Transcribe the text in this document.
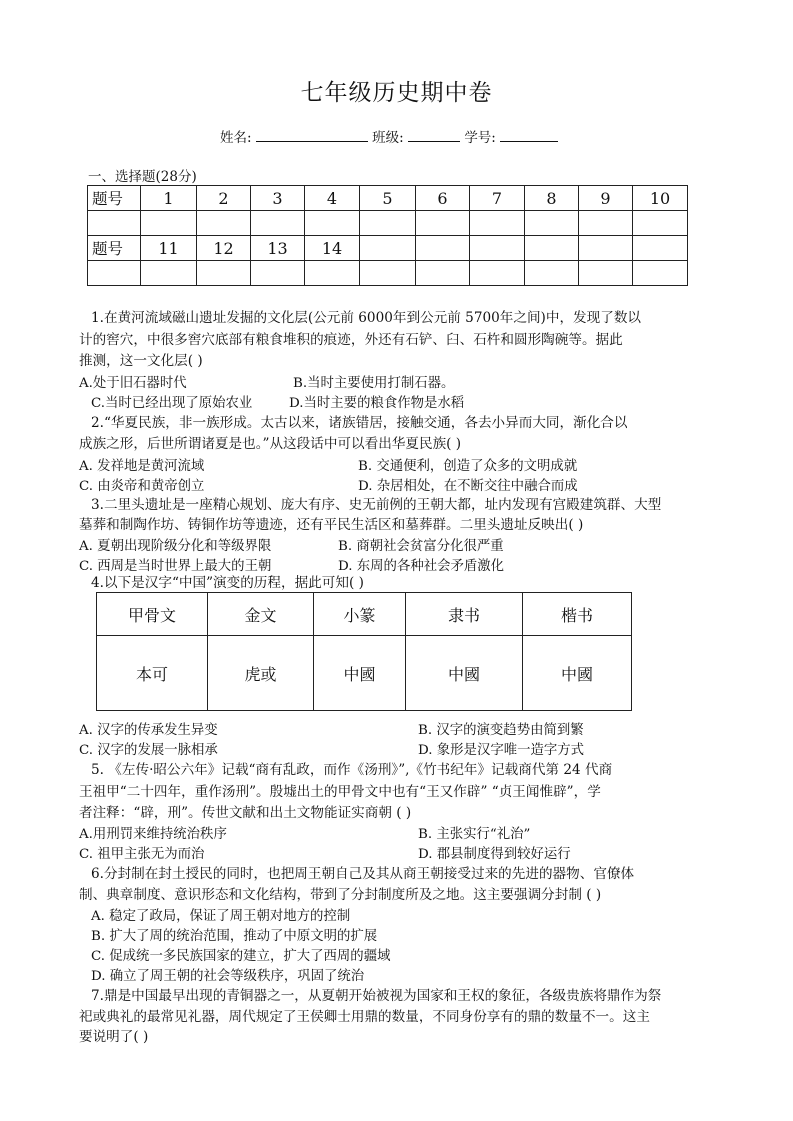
七年级历史期中卷
姓名:	班级:	学号:
一、选择题(28分)
题号	1	2	3	4	5	6	7	8	9	10

题号	11	12	13	14						

1.在黄河流域磁山遗址发掘的文化层(公元前 6000年到公元前 5700年之间)中，发现了数以
计的窖穴，中很多窖穴底部有粮食堆积的痕迹，外还有石铲、臼、石杵和圆形陶碗等。据此
推测，这一文化层( )
A.处于旧石器时代	B.当时主要使用打制石器。
C.当时已经出现了原始农业	D.当时主要的粮食作物是水稻
2.“华夏民族，非一族形成。太古以来，诸族错居，接触交通，各去小异而大同，渐化合以
成族之形，后世所谓诸夏是也。”从这段话中可以看出华夏民族( )
A. 发祥地是黄河流域	B. 交通便利，创造了众多的文明成就
C. 由炎帝和黄帝创立	D. 杂居相处，在不断交往中融合而成
3.二里头遗址是一座精心规划、庞大有序、史无前例的王朝大都，址内发现有宫殿建筑群、大型
墓葬和制陶作坊、铸铜作坊等遗迹，还有平民生活区和墓葬群。二里头遗址反映出( )
A. 夏朝出现阶级分化和等级界限	B. 商朝社会贫富分化很严重
C. 西周是当时世界上最大的王朝	D. 东周的各种社会矛盾激化
4.以下是汉字“中国”演变的历程，据此可知( )
甲骨文	金文	小篆	隶书	楷书
本可	虎或	中國	中國	中國
A. 汉字的传承发生异变	B. 汉字的演变趋势由简到繁
C. 汉字的发展一脉相承	D. 象形是汉字唯一造字方式
5. 《左传·昭公六年》记载“商有乱政，而作《汤刑》”,《竹书纪年》记载商代第 24 代商
王祖甲“二十四年，重作汤刑”。殷墟出土的甲骨文中也有“王又作辟” “贞王闻惟辟”，学
者注释：“辟，刑”。传世文献和出土文物能证实商朝 ( )
A.用刑罚来维持统治秩序	B. 主张实行“礼治”
C. 祖甲主张无为而治	D. 郡县制度得到较好运行
6.分封制在封土授民的同时，也把周王朝自己及其从商王朝接受过来的先进的器物、官僚体
制、典章制度、意识形态和文化结构，带到了分封制度所及之地。这主要强调分封制 ( )
A. 稳定了政局，保证了周王朝对地方的控制
B. 扩大了周的统治范围，推动了中原文明的扩展
C. 促成统一多民族国家的建立，扩大了西周的疆域
D. 确立了周王朝的社会等级秩序，巩固了统治
7.鼎是中国最早出现的青铜器之一，从夏朝开始被视为国家和王权的象征，各级贵族将鼎作为祭
祀或典礼的最常见礼器，周代规定了王侯卿士用鼎的数量，不同身份享有的鼎的数量不一。这主
要说明了( )
